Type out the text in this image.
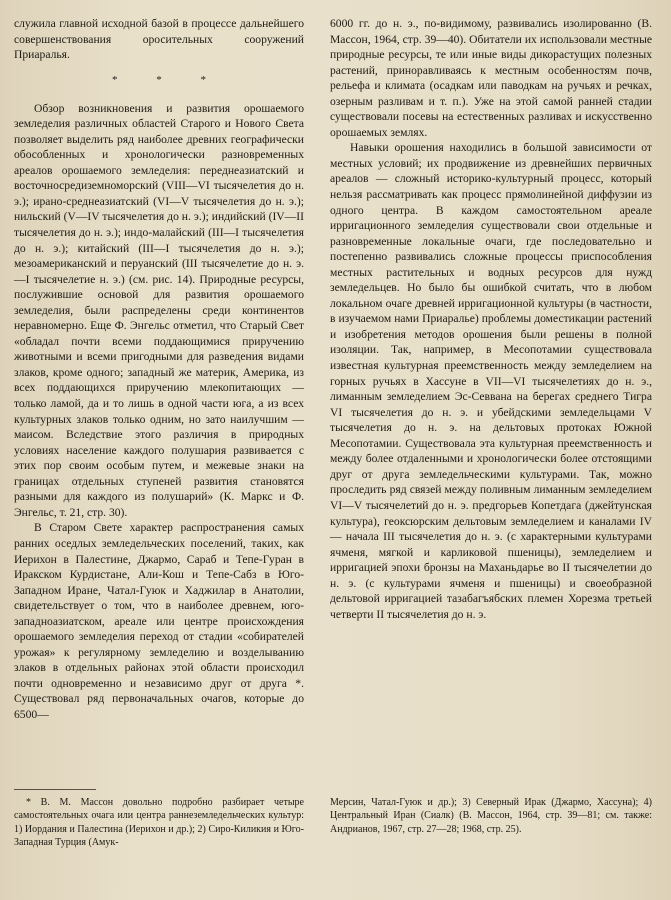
служила главной исходной базой в процессе дальнейшего совершенствования оросительных сооружений Приаралья.

* * *

Обзор возникновения и развития орошаемого земледелия различных областей Старого и Нового Света позволяет выделить ряд наиболее древних географически обособленных и хронологически разновременных ареалов орошаемого земледелия: переднеазиатский и восточносредиземноморский (VIII—VI тысячелетия до н. э.); ирано-среднеазиатский (VI—V тысячелетия до н. э.); нильский (V—IV тысячелетия до н. э.); индийский (IV—II тысячелетия до н. э.); индо-малайский (III—I тысячелетия до н. э.); китайский (III—I тысячелетия до н. э.); мезоамериканский и перуанский (III тысячелетие до н. э.—I тысячелетие н. э.) (см. рис. 14). Природные ресурсы, послужившие основой для развития орошаемого земледелия, были распределены среди континентов неравномерно. Еще Ф. Энгельс отметил, что Старый Свет «обладал почти всеми поддающимися приручению животными и всеми пригодными для разведения видами злаков, кроме одного; западный же материк, Америка, из всех поддающихся приручению млекопитающих — только ламой, да и то лишь в одной части юга, а из всех культурных злаков только одним, но зато наилучшим — маисом. Вследствие этого различия в природных условиях население каждого полушария развивается с этих пор своим особым путем, и межевые знаки на границах отдельных ступеней развития становятся разными для каждого из полушарий» (К. Маркс и Ф. Энгельс, т. 21, стр. 30).

В Старом Свете характер распространения самых ранних оседлых земледельческих поселений, таких, как Иерихон в Палестине, Джармо, Сараб и Тепе-Гуран в Иракском Курдистане, Али-Кош и Тепе-Сабз в Юго-Западном Иране, Чатал-Гуюк и Хаджилар в Анатолии, свидетельствует о том, что в наиболее древнем, юго-западноазиатском, ареале или центре происхождения орошаемого земледелия переход от стадии «собирателей урожая» к регулярному земледелию и возделыванию злаков в отдельных районах этой области происходил почти одновременно и независимо друг от друга *. Существовал ряд первоначальных очагов, которые до 6500—

6000 гг. до н. э., по-видимому, развивались изолированно (В. Массон, 1964, стр. 39—40). Обитатели их использовали местные природные ресурсы, те или иные виды дикорастущих полезных растений, приноравливаясь к местным особенностям почв, рельефа и климата (осадкам или паводкам на ручьях и речках, озерным разливам и т. п.). Уже на этой самой ранней стадии существовали посевы на естественных разливах и искусственно орошаемых землях.

Навыки орошения находились в большой зависимости от местных условий; их продвижение из древнейших первичных ареалов — сложный историко-культурный процесс, который нельзя рассматривать как процесс прямолинейной диффузии из одного центра. В каждом самостоятельном ареале ирригационного земледелия существовали свои отдельные и разновременные локальные очаги, где последовательно и постепенно развивались сложные процессы приспособления местных растительных и водных ресурсов для нужд земледельцев. Но было бы ошибкой считать, что в любом локальном очаге древней ирригационной культуры (в частности, в изучаемом нами Приаралье) проблемы доместикации растений и изобретения методов орошения были решены в полной изоляции. Так, например, в Месопотамии существовала известная культурная преемственность между земледелием на горных ручьях в Хассуне в VII—VI тысячелетиях до н. э., лиманным земледелием Эс-Севвана на берегах среднего Тигра VI тысячелетия до н. э. и убейдскими земледельцами V тысячелетия до н. э. на дельтовых протоках Южной Месопотамии. Существовала эта культурная преемственность и между более отдаленными и хронологически более отстоящими друг от друга земледельческими культурами. Так, можно проследить ряд связей между поливным лиманным земледелием VI—V тысячелетий до н. э. предгорьев Копетдага (джейтунская культура), геоксюрским дельтовым земледелием и каналами IV — начала III тысячелетия до н. э. (с характерными культурами ячменя, мягкой и карликовой пшеницы), земледелием и ирригацией эпохи бронзы на Маханьдарье во II тысячелетии до н. э. (с культурами ячменя и пшеницы) и своеобразной дельтовой ирригацией тазабагъябских племен Хорезма третьей четверти II тысячелетия до н. э.

* В. М. Массон довольно подробно разбирает четыре самостоятельных очага или центра раннеземледельческих культур: 1) Иордания и Палестина (Иерихон и др.); 2) Сиро-Киликия и Юго-Западная Турция (Амук-

Мерсин, Чатал-Гуюк и др.); 3) Северный Ирак (Джармо, Хассуна); 4) Центральный Иран (Сиалк) (В. Массон, 1964, стр. 39—81; см. также: Андрианов, 1967, стр. 27—28; 1968, стр. 25).
